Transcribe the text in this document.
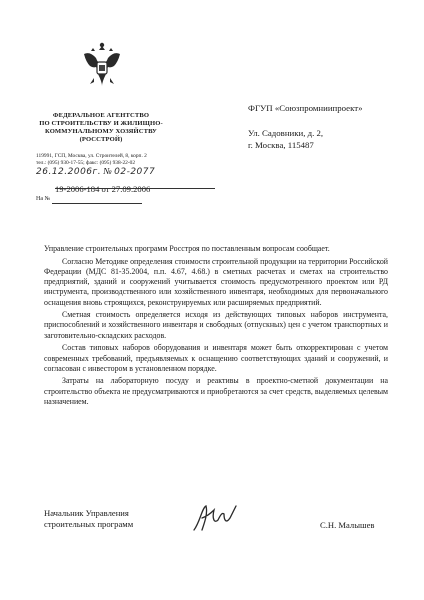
ФЕДЕРАЛЬНОЕ АГЕНТСТВО
ПО СТРОИТЕЛЬСТВУ И ЖИЛИЩНО-
КОММУНАЛЬНОМУ ХОЗЯЙСТВУ
(РОССТРОЙ)
119991, ГСП, Москва, ул. Строителей, 8, корп. 2
тел.: (095) 930-17-55; факс: (095) 938-22-02
26.12.2006г. № 02-2077
19-2006-184 от 27.09.2006
На №
ФГУП «Союзпромниипроект»
Ул. Садовники, д. 2,
г. Москва, 115487

Управление строительных программ Росстроя по поставленным вопросам сообщает.

Согласно Методике определения стоимости строительной продукции на территории Российской Федерации (МДС 81-35.2004, п.п. 4.67, 4.68.) в сметных расчетах и сметах на строительство предприятий, зданий и сооружений учитывается стоимость предусмотренного проектом или РД инструмента, производственного или хозяйственного инвентаря, необходимых для первоначального оснащения вновь строящихся, реконструируемых или расширяемых предприятий.

Сметная стоимость определяется исходя из действующих типовых наборов инструмента, приспособлений и хозяйственного инвентаря и свободных (отпускных) цен с учетом транспортных и заготовительно-складских расходов.

Состав типовых наборов оборудования и инвентаря может быть откорректирован с учетом современных требований, предъявляемых к оснащению соответствующих зданий и сооружений, и согласован с инвестором в установленном порядке.

Затраты на лабораторную посуду и реактивы в проектно-сметной документации на строительство объекта не предусматриваются и приобретаются за счет средств, выделяемых целевым назначением.

Начальник Управления
строительных программ	С.Н. Малышев
